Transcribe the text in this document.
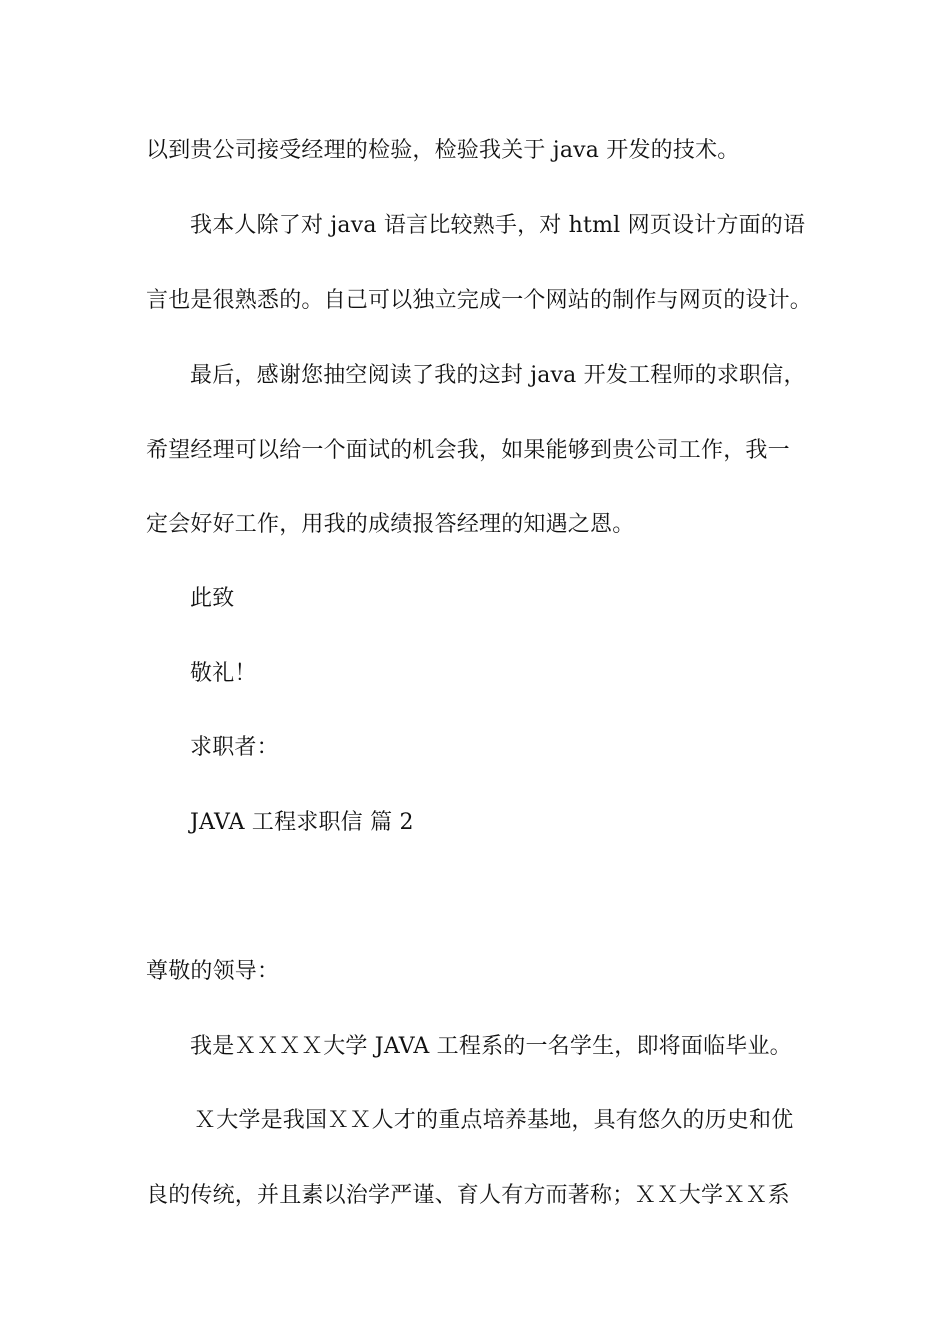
以到贵公司接受经理的检验，检验我关于 java 开发的技术。
我本人除了对 java 语言比较熟手，对 html 网页设计方面的语
言也是很熟悉的。自己可以独立完成一个网站的制作与网页的设计。
最后，感谢您抽空阅读了我的这封 java 开发工程师的求职信，
希望经理可以给一个面试的机会我，如果能够到贵公司工作，我一
定会好好工作，用我的成绩报答经理的知遇之恩。
此致
敬礼！
求职者：
JAVA 工程求职信 篇 2
尊敬的领导：
我是ＸＸＸＸ大学 JAVA 工程系的一名学生，即将面临毕业。
Ｘ大学是我国ＸＸ人才的重点培养基地，具有悠久的历史和优
良的传统，并且素以治学严谨、育人有方而著称；ＸＸ大学ＸＸ系
